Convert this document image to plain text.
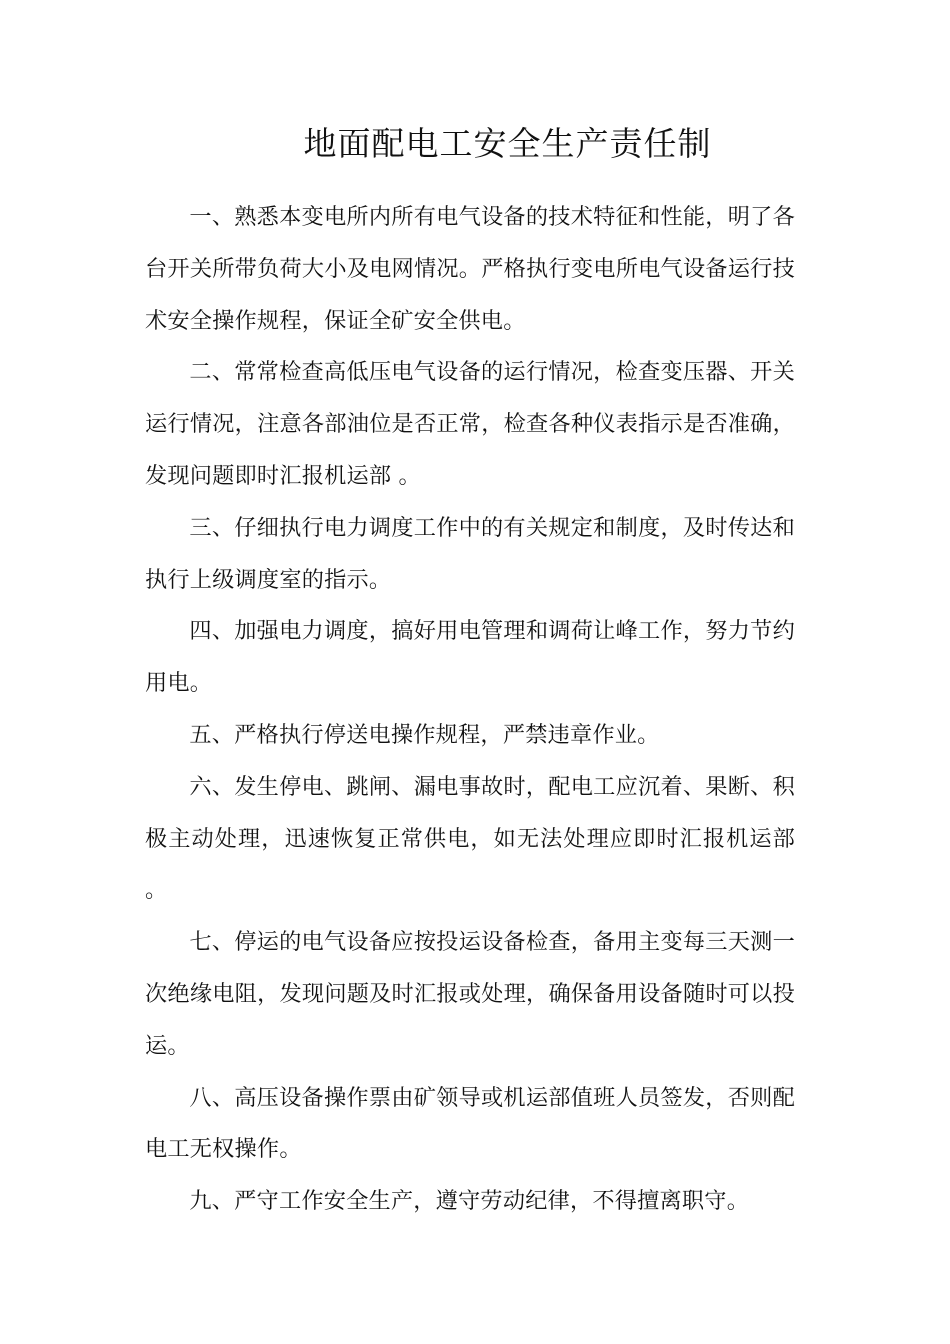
地面配电工安全生产责任制

一、熟悉本变电所内所有电气设备的技术特征和性能，明了各台开关所带负荷大小及电网情况。严格执行变电所电气设备运行技术安全操作规程，保证全矿安全供电。

二、常常检查高低压电气设备的运行情况，检查变压器、开关运行情况，注意各部油位是否正常，检查各种仪表指示是否准确，发现问题即时汇报机运部 。

三、仔细执行电力调度工作中的有关规定和制度，及时传达和执行上级调度室的指示。

四、加强电力调度，搞好用电管理和调荷让峰工作，努力节约用电。

五、严格执行停送电操作规程，严禁违章作业。

六、发生停电、跳闸、漏电事故时，配电工应沉着、果断、积极主动处理，迅速恢复正常供电，如无法处理应即时汇报机运部 。

七、停运的电气设备应按投运设备检查，备用主变每三天测一次绝缘电阻，发现问题及时汇报或处理，确保备用设备随时可以投运。

八、高压设备操作票由矿领导或机运部值班人员签发，否则配电工无权操作。

九、严守工作安全生产，遵守劳动纪律，不得擅离职守。
